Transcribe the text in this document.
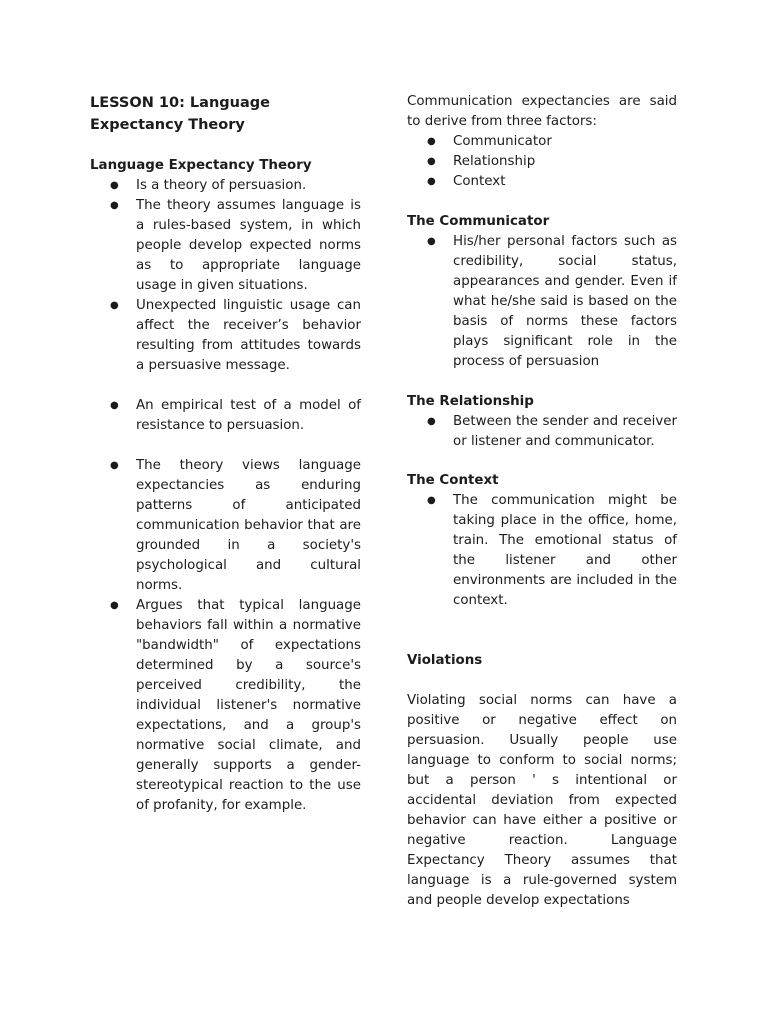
LESSON 10: Language Expectancy Theory
Language Expectancy Theory
● Is a theory of persuasion.
● The theory assumes language is a rules-based system, in which people develop expected norms as to appropriate language usage in given situations.
● Unexpected linguistic usage can affect the receiver’s behavior resulting from attitudes towards a persuasive message.
● An empirical test of a model of resistance to persuasion.
● The theory views language expectancies as enduring patterns of anticipated communication behavior that are grounded in a society's psychological and cultural norms.
● Argues that typical language behaviors fall within a normative "bandwidth" of expectations determined by a source's perceived credibility, the individual listener's normative expectations, and a group's normative social climate, and generally supports a gender-stereotypical reaction to the use of profanity, for example.

Communication expectancies are said to derive from three factors:

● Communicator
● Relationship
● Context
The Communicator
● His/her personal factors such as credibility, social status, appearances and gender. Even if what he/she said is based on the basis of norms these factors plays significant role in the process of persuasion
The Relationship
● Between the sender and receiver or listener and communicator.
The Context
● The communication might be taking place in the office, home, train. The emotional status of the listener and other environments are included in the context.
Violations

Violating social norms can have a positive or negative effect on persuasion. Usually people use language to conform to social norms; but a person ' s intentional or accidental deviation from expected behavior can have either a positive or negative reaction. Language Expectancy Theory assumes that language is a rule-governed system and people develop expectations
